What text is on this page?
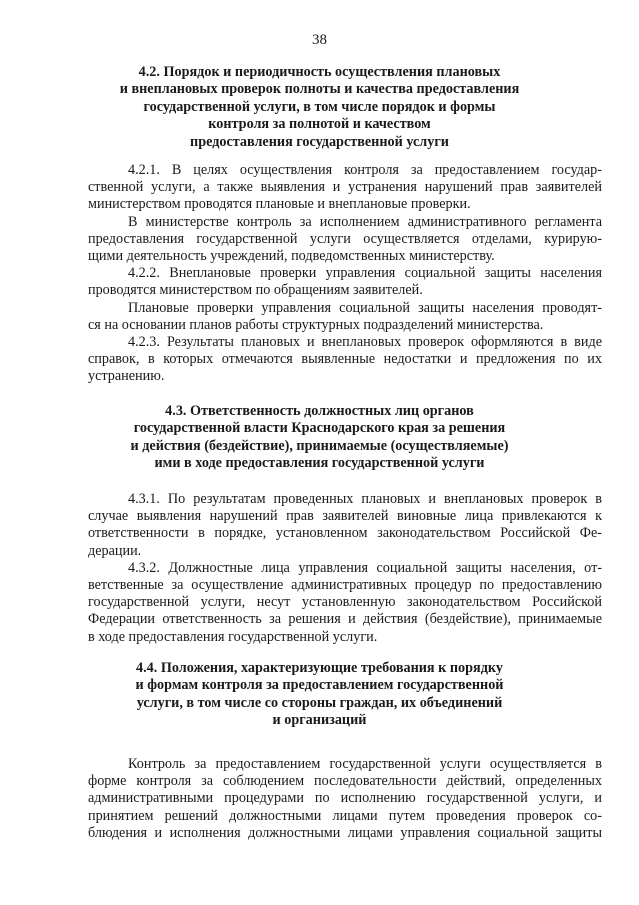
38
4.2. Порядок и периодичность осуществления плановых
и внеплановых проверок полноты и качества предоставления
государственной услуги, в том числе порядок и формы
контроля за полнотой и качеством
предоставления государственной услуги
4.2.1. В целях осуществления контроля за предоставлением государ-
ственной услуги, а также выявления и устранения нарушений прав заявителей
министерством проводятся плановые и внеплановые проверки.
В министерстве контроль за исполнением административного регламента
предоставления государственной услуги осуществляется отделами, курирую-
щими деятельность учреждений, подведомственных министерству.
4.2.2. Внеплановые проверки управления социальной защиты населения
проводятся министерством по обращениям заявителей.
Плановые проверки управления социальной защиты населения проводят-
ся на основании планов работы структурных подразделений министерства.
4.2.3. Результаты плановых и внеплановых проверок оформляются в виде
справок, в которых отмечаются выявленные недостатки и предложения по их
устранению.
4.3. Ответственность должностных лиц органов
государственной власти Краснодарского края за решения
и действия (бездействие), принимаемые (осуществляемые)
ими в ходе предоставления государственной услуги
4.3.1. По результатам проведенных плановых и внеплановых проверок в
случае выявления нарушений прав заявителей виновные лица привлекаются к
ответственности в порядке, установленном законодательством Российской Фе-
дерации.
4.3.2. Должностные лица управления социальной защиты населения, от-
ветственные за осуществление административных процедур по предоставлению
государственной услуги, несут установленную законодательством Российской
Федерации ответственность за решения и действия (бездействие), принимаемые
в ходе предоставления государственной услуги.
4.4. Положения, характеризующие требования к порядку
и формам контроля за предоставлением государственной
услуги, в том числе со стороны граждан, их объединений
и организаций
Контроль за предоставлением государственной услуги осуществляется в
форме контроля за соблюдением последовательности действий, определенных
административными процедурами по исполнению государственной услуги, и
принятием решений должностными лицами путем проведения проверок со-
блюдения и исполнения должностными лицами управления социальной защиты
